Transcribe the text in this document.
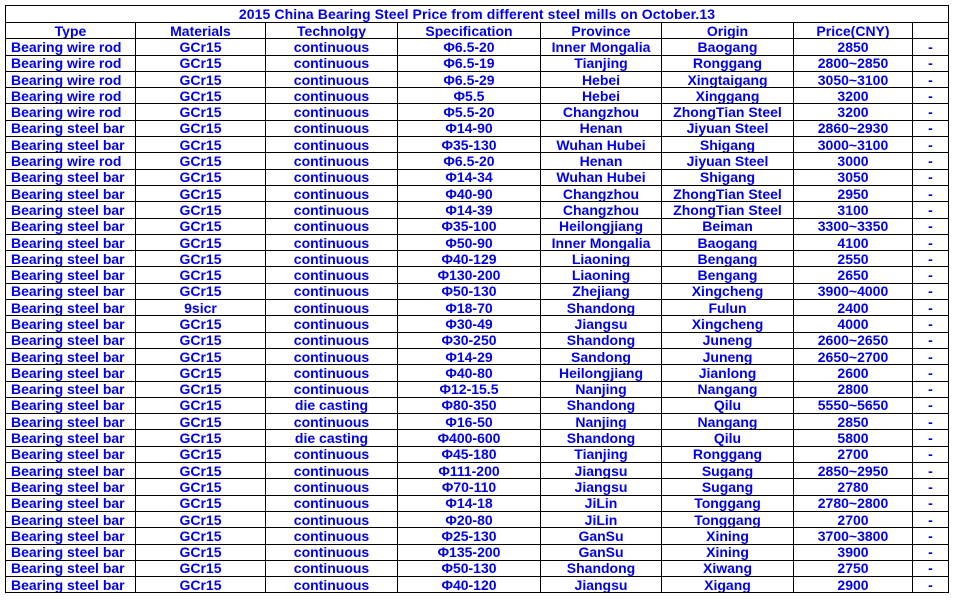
2015 China Bearing Steel Price from different steel mills on October.13							
Type	Materials	Technolgy	Specification	Province	Origin	Price(CNY)	
Bearing wire rod	GCr15	continuous	Φ6.5-20	Inner Mongalia	Baogang	2850	-
Bearing wire rod	GCr15	continuous	Φ6.5-19	Tianjing	Ronggang	2800~2850	-
Bearing wire rod	GCr15	continuous	Φ6.5-29	Hebei	Xingtaigang	3050~3100	-
Bearing wire rod	GCr15	continuous	Φ5.5	Hebei	Xinggang	3200	-
Bearing wire rod	GCr15	continuous	Φ5.5-20	Changzhou	ZhongTian Steel	3200	-
Bearing steel bar	GCr15	continuous	Φ14-90	Henan	Jiyuan Steel	2860~2930	-
Bearing steel bar	GCr15	continuous	Φ35-130	Wuhan Hubei	Shigang	3000~3100	-
Bearing wire rod	GCr15	continuous	Φ6.5-20	Henan	Jiyuan Steel	3000	-
Bearing steel bar	GCr15	continuous	Φ14-34	Wuhan Hubei	Shigang	3050	-
Bearing steel bar	GCr15	continuous	Φ40-90	Changzhou	ZhongTian Steel	2950	-
Bearing steel bar	GCr15	continuous	Φ14-39	Changzhou	ZhongTian Steel	3100	-
Bearing steel bar	GCr15	continuous	Φ35-100	Heilongjiang	Beiman	3300~3350	-
Bearing steel bar	GCr15	continuous	Φ50-90	Inner Mongalia	Baogang	4100	-
Bearing steel bar	GCr15	continuous	Φ40-129	Liaoning	Bengang	2550	-
Bearing steel bar	GCr15	continuous	Φ130-200	Liaoning	Bengang	2650	-
Bearing steel bar	GCr15	continuous	Φ50-130	Zhejiang	Xingcheng	3900~4000	-
Bearing steel bar	9sicr	continuous	Φ18-70	Shandong	Fulun	2400	-
Bearing steel bar	GCr15	continuous	Φ30-49	Jiangsu	Xingcheng	4000	-
Bearing steel bar	GCr15	continuous	Φ30-250	Shandong	Juneng	2600~2650	-
Bearing steel bar	GCr15	continuous	Φ14-29	Sandong	Juneng	2650~2700	-
Bearing steel bar	GCr15	continuous	Φ40-80	Heilongjiang	Jianlong	2600	-
Bearing steel bar	GCr15	continuous	Φ12-15.5	Nanjing	Nangang	2800	-
Bearing steel bar	GCr15	die casting	Φ80-350	Shandong	Qilu	5550~5650	-
Bearing steel bar	GCr15	continuous	Φ16-50	Nanjing	Nangang	2850	-
Bearing steel bar	GCr15	die casting	Φ400-600	Shandong	Qilu	5800	-
Bearing steel bar	GCr15	continuous	Φ45-180	Tianjing	Ronggang	2700	-
Bearing steel bar	GCr15	continuous	Φ111-200	Jiangsu	Sugang	2850~2950	-
Bearing steel bar	GCr15	continuous	Φ70-110	Jiangsu	Sugang	2780	-
Bearing steel bar	GCr15	continuous	Φ14-18	JiLin	Tonggang	2780~2800	-
Bearing steel bar	GCr15	continuous	Φ20-80	JiLin	Tonggang	2700	-
Bearing steel bar	GCr15	continuous	Φ25-130	GanSu	Xining	3700~3800	-
Bearing steel bar	GCr15	continuous	Φ135-200	GanSu	Xining	3900	-
Bearing steel bar	GCr15	continuous	Φ50-130	Shandong	Xiwang	2750	-
Bearing steel bar	GCr15	continuous	Φ40-120	Jiangsu	Xigang	2900	-
